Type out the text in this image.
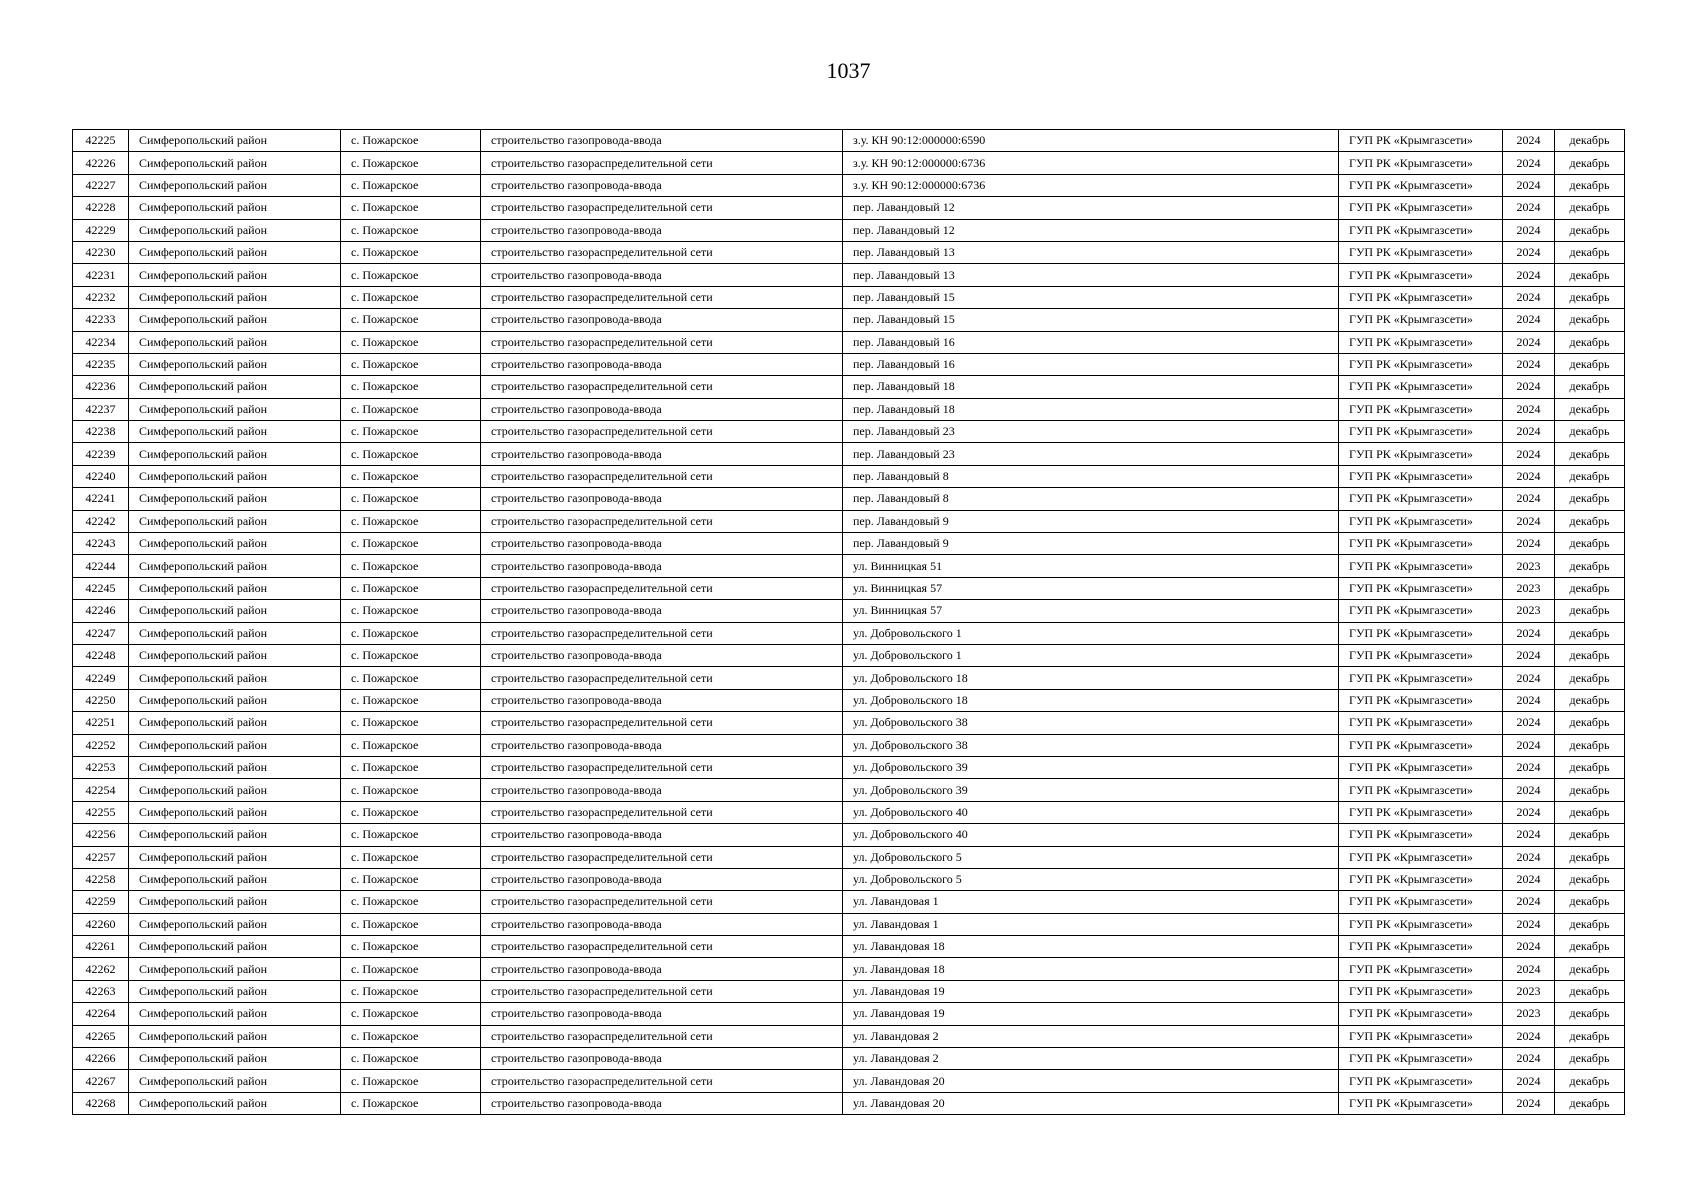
1037
42225	Симферопольский район	с. Пожарское	строительство газопровода-ввода	з.у. КН 90:12:000000:6590	ГУП РК «Крымгазсети»	2024	декабрь
42226	Симферопольский район	с. Пожарское	строительство газораспределительной сети	з.у. КН 90:12:000000:6736	ГУП РК «Крымгазсети»	2024	декабрь
42227	Симферопольский район	с. Пожарское	строительство газопровода-ввода	з.у. КН 90:12:000000:6736	ГУП РК «Крымгазсети»	2024	декабрь
42228	Симферопольский район	с. Пожарское	строительство газораспределительной сети	пер. Лавандовый 12	ГУП РК «Крымгазсети»	2024	декабрь
42229	Симферопольский район	с. Пожарское	строительство газопровода-ввода	пер. Лавандовый 12	ГУП РК «Крымгазсети»	2024	декабрь
42230	Симферопольский район	с. Пожарское	строительство газораспределительной сети	пер. Лавандовый 13	ГУП РК «Крымгазсети»	2024	декабрь
42231	Симферопольский район	с. Пожарское	строительство газопровода-ввода	пер. Лавандовый 13	ГУП РК «Крымгазсети»	2024	декабрь
42232	Симферопольский район	с. Пожарское	строительство газораспределительной сети	пер. Лавандовый 15	ГУП РК «Крымгазсети»	2024	декабрь
42233	Симферопольский район	с. Пожарское	строительство газопровода-ввода	пер. Лавандовый 15	ГУП РК «Крымгазсети»	2024	декабрь
42234	Симферопольский район	с. Пожарское	строительство газораспределительной сети	пер. Лавандовый 16	ГУП РК «Крымгазсети»	2024	декабрь
42235	Симферопольский район	с. Пожарское	строительство газопровода-ввода	пер. Лавандовый 16	ГУП РК «Крымгазсети»	2024	декабрь
42236	Симферопольский район	с. Пожарское	строительство газораспределительной сети	пер. Лавандовый 18	ГУП РК «Крымгазсети»	2024	декабрь
42237	Симферопольский район	с. Пожарское	строительство газопровода-ввода	пер. Лавандовый 18	ГУП РК «Крымгазсети»	2024	декабрь
42238	Симферопольский район	с. Пожарское	строительство газораспределительной сети	пер. Лавандовый 23	ГУП РК «Крымгазсети»	2024	декабрь
42239	Симферопольский район	с. Пожарское	строительство газопровода-ввода	пер. Лавандовый 23	ГУП РК «Крымгазсети»	2024	декабрь
42240	Симферопольский район	с. Пожарское	строительство газораспределительной сети	пер. Лавандовый 8	ГУП РК «Крымгазсети»	2024	декабрь
42241	Симферопольский район	с. Пожарское	строительство газопровода-ввода	пер. Лавандовый 8	ГУП РК «Крымгазсети»	2024	декабрь
42242	Симферопольский район	с. Пожарское	строительство газораспределительной сети	пер. Лавандовый 9	ГУП РК «Крымгазсети»	2024	декабрь
42243	Симферопольский район	с. Пожарское	строительство газопровода-ввода	пер. Лавандовый 9	ГУП РК «Крымгазсети»	2024	декабрь
42244	Симферопольский район	с. Пожарское	строительство газопровода-ввода	ул. Винницкая 51	ГУП РК «Крымгазсети»	2023	декабрь
42245	Симферопольский район	с. Пожарское	строительство газораспределительной сети	ул. Винницкая 57	ГУП РК «Крымгазсети»	2023	декабрь
42246	Симферопольский район	с. Пожарское	строительство газопровода-ввода	ул. Винницкая 57	ГУП РК «Крымгазсети»	2023	декабрь
42247	Симферопольский район	с. Пожарское	строительство газораспределительной сети	ул. Добровольского 1	ГУП РК «Крымгазсети»	2024	декабрь
42248	Симферопольский район	с. Пожарское	строительство газопровода-ввода	ул. Добровольского 1	ГУП РК «Крымгазсети»	2024	декабрь
42249	Симферопольский район	с. Пожарское	строительство газораспределительной сети	ул. Добровольского 18	ГУП РК «Крымгазсети»	2024	декабрь
42250	Симферопольский район	с. Пожарское	строительство газопровода-ввода	ул. Добровольского 18	ГУП РК «Крымгазсети»	2024	декабрь
42251	Симферопольский район	с. Пожарское	строительство газораспределительной сети	ул. Добровольского 38	ГУП РК «Крымгазсети»	2024	декабрь
42252	Симферопольский район	с. Пожарское	строительство газопровода-ввода	ул. Добровольского 38	ГУП РК «Крымгазсети»	2024	декабрь
42253	Симферопольский район	с. Пожарское	строительство газораспределительной сети	ул. Добровольского 39	ГУП РК «Крымгазсети»	2024	декабрь
42254	Симферопольский район	с. Пожарское	строительство газопровода-ввода	ул. Добровольского 39	ГУП РК «Крымгазсети»	2024	декабрь
42255	Симферопольский район	с. Пожарское	строительство газораспределительной сети	ул. Добровольского 40	ГУП РК «Крымгазсети»	2024	декабрь
42256	Симферопольский район	с. Пожарское	строительство газопровода-ввода	ул. Добровольского 40	ГУП РК «Крымгазсети»	2024	декабрь
42257	Симферопольский район	с. Пожарское	строительство газораспределительной сети	ул. Добровольского 5	ГУП РК «Крымгазсети»	2024	декабрь
42258	Симферопольский район	с. Пожарское	строительство газопровода-ввода	ул. Добровольского 5	ГУП РК «Крымгазсети»	2024	декабрь
42259	Симферопольский район	с. Пожарское	строительство газораспределительной сети	ул. Лавандовая 1	ГУП РК «Крымгазсети»	2024	декабрь
42260	Симферопольский район	с. Пожарское	строительство газопровода-ввода	ул. Лавандовая 1	ГУП РК «Крымгазсети»	2024	декабрь
42261	Симферопольский район	с. Пожарское	строительство газораспределительной сети	ул. Лавандовая 18	ГУП РК «Крымгазсети»	2024	декабрь
42262	Симферопольский район	с. Пожарское	строительство газопровода-ввода	ул. Лавандовая 18	ГУП РК «Крымгазсети»	2024	декабрь
42263	Симферопольский район	с. Пожарское	строительство газораспределительной сети	ул. Лавандовая 19	ГУП РК «Крымгазсети»	2023	декабрь
42264	Симферопольский район	с. Пожарское	строительство газопровода-ввода	ул. Лавандовая 19	ГУП РК «Крымгазсети»	2023	декабрь
42265	Симферопольский район	с. Пожарское	строительство газораспределительной сети	ул. Лавандовая 2	ГУП РК «Крымгазсети»	2024	декабрь
42266	Симферопольский район	с. Пожарское	строительство газопровода-ввода	ул. Лавандовая 2	ГУП РК «Крымгазсети»	2024	декабрь
42267	Симферопольский район	с. Пожарское	строительство газораспределительной сети	ул. Лавандовая 20	ГУП РК «Крымгазсети»	2024	декабрь
42268	Симферопольский район	с. Пожарское	строительство газопровода-ввода	ул. Лавандовая 20	ГУП РК «Крымгазсети»	2024	декабрь
